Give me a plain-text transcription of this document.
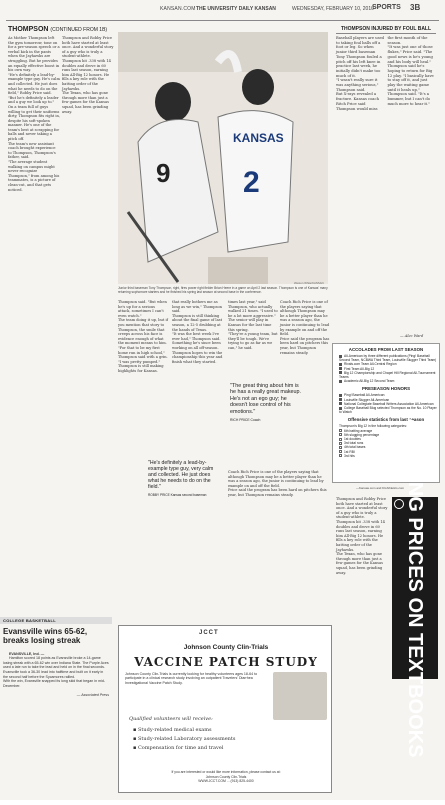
KANSAN.COM THE UNIVERSITY DAILY KANSAN	WEDNESDAY, FEBRUARY 10, 2010
SPORTS 3B
THOMPSON (CONTINUED FROM 1B)
As Mother Thompson left the gym tomorrow, tone on for a pre-season speech or a verbal kick in the pants when the Jayhawks are struggling. But he provides an equally effective boost in his own way.
"He's definitely a lead-by-example type guy. He's calm and collected. He just does what he needs to do on the field," Robby Price said. "But he's definitely a leader and a guy we look up to."
On a team full of guys willing to get their uniforms dirty, Thompson fits right in, despite his soft-spoken manner. He's one of the team's best at scrapping for balls and never taking a pitch off.
The team's new assistant coach brought experience to Thompson, Thompson's father, said.
"The average student walking on campus might never recognize Thompson," from among his teammates, is a picture of clean-cut, and that gets noticed.
Thompson and Robby Price both have started at least once. And a wonderful story of a guy who is truly a student-athlete.
Thompson hit .338 with 14 doubles and drove in 60 runs last season, earning him All-Big 12 honors. He fills a key role with the batting order of the Jayhawks.
The Texan, who has gone through more than just a few games for the Kansas squad, has been grinding away.
9
KANSAS
2
Weston White/KANSAN
Junior third baseman Tony Thompson, right, fires power right fielder Brian Heere in a game on April 2 last season. Thompson is one of Kansas' many returning sophomore starters and he finished his spring last season at second base in the conference.
Thompson said. "But when he's up for a serious attack, sometimes I can't even watch."
The team doing it up, but if you mention that story to Thompson, the smile that creeps across his face is evidence enough of what the moment means to him.
"For that to be my first home run in high school," Thompson said with a grin. "I was pretty pumped."
Thompson is still making highlights for Kansas.
that really bothers me as long as we win," Thompson said.
Thompson is still thinking about the final game of last season, a 12-5 drubbing at the hands of Texas.
"It was the best week I've ever had," Thompson said.
Something he's since been working on all off-season.
Thompson hopes to win the championship this year and finish what they started.
times last year," said Thompson, who actually walked 21 times. "I used to be a lot more aggressive."
The senior will play in Kansas for the last time this spring.
"They're a young team, but they'll be tough. We're trying to go as far as we can," he said.
Coach Rich Price is one of the players saying that although Thompson may be a better player than he was a season ago, the junior is continuing to lead by example on and off the field.
Price said the program has been hard on pitchers this year, but Thompson remains steady.
"The great thing about him is he has a really great makeup. He's not an ego guy; he doesn't lose control of his emotions."
RICH PRICE Coach
"He's definitely a lead-by-example type guy, very calm and collected. He just does what he needs to do on the field."
ROBBY PRICE Kansas second baseman
Coach Rich Price is one of the players saying that although Thompson may be a better player than he was a season ago, the junior is continuing to lead by example on and off the field.
Price said the program has been hard on pitchers this year, but Thompson remains steady.
THOMPSON INJURED BY FOUL BALL
Baseball players are used to taking foul balls off a foot or leg. So when junior third baseman Tony Thompson fouled a pitch off his left knee in practice last week, he initially didn't make too much of it.
"I wasn't really sure it was anything serious," Thompson said.
But X-rays revealed a fracture. Kansas coach Ritch Price said Thompson would miss the first month of the season.
"It was just one of those flukes," Price said. "The good news is he's young and his body will heal."
Thompson said he's hoping to return for Big 12 play. "I basically have to stay off it, and just play the waiting game until it heals up," Thompson said. "It's a bummer, but I can't do much more to hear it."
— Alec Ward
ACCOLADES FROM LAST SEASON
All-American by three different publications (Ping! Baseball Second Team, NCBWA Third Team, Louisville Slugger Third Team)
Rivals.com Team All-Central Region
First Team All-Big 12
Big 12 Championship and Chapel Hill Regional All-Tournament Teams
Academic All-Big 12 Second Team
PRESEASON HONORS
Ping! Baseball All-American
Louisville Slugger All-American
National Collegiate Baseball Writers Association All-American
College Baseball Blog selected Thompson as the No. 10 Player to Watch
Offensive statistics from last season
Thompson's Big 12 in the following categories:
6th batting average
5th slugging percentage
1st doubles
3rd total runs
4th total bases
1st RBI
3rd hits
—Kansas.com and KUAthletics.com AMAZING PRICES ON TEXTBOOKS
Thompson and Robby Price both have started at least once. And a wonderful story of a guy who is truly a student-athlete.
Thompson hit .338 with 14 doubles and drove in 60 runs last season, earning him All-Big 12 honors. He fills a key role with the batting order of the Jayhawks.
The Texan, who has gone through more than just a few games for the Kansas squad, has been grinding away.
COLLEGE BASKETBALL
Evansville wins 65-62, breaks losing streak

EVANSVILLE, Ind. —
Hamilton scored 18 points as Evansville broke a 14-game losing streak with a 65-62 win over Indiana State. The Purple Aces used a late run to take the lead and held on in the final seconds.
Evansville took a 36-30 lead into halftime and built on it early in the second half before the Sycamores rallied.
With the win, Evansville snapped its long skid that began in mid-December.

— Associated Press

JCCT
Johnson County Clin-Trials
VACCINE PATCH STUDY
Johnson County Clin-Trials is currently looking for healthy volunteers ages 18-64 to participate in a clinical research study involving an outpatient Travelers' Diarrhea Investigational Vaccine Patch Study.
Qualified volunteers will receive:
▪ Study-related medical exams
▪ Study-related Laboratory assessments
▪ Compensation for time and travel
If you are interested or would like more information, please contact us at:
Johnson County Clin-Trials
WWW.JCCT.COM ... (913) 825-4400
